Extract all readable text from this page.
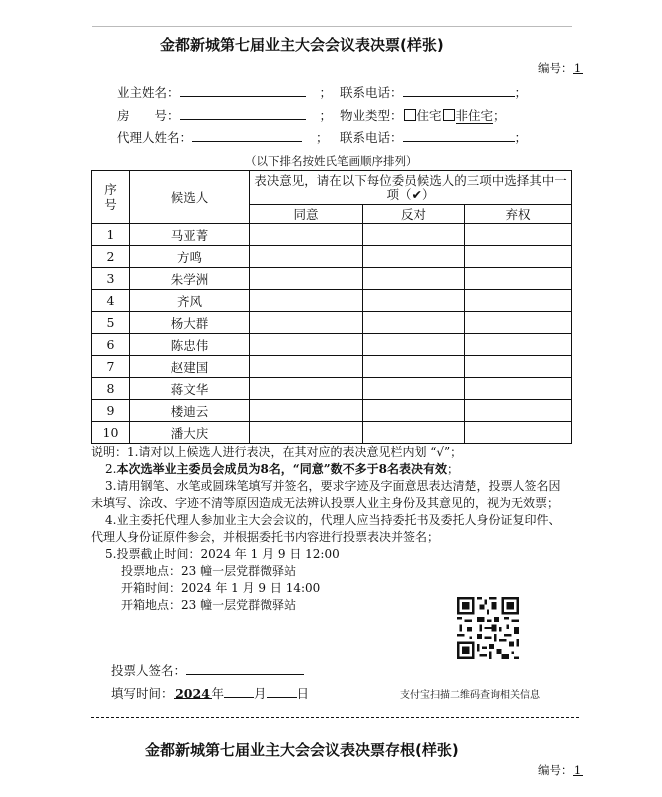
金都新城第七届业主大会会议表决票(样张)
编号：1
业主姓名：	； 联系电话：	；
房　　号：	； 物业类型： 住宅 非住宅；
代理人姓名：	； 联系电话：	；
（以下排名按姓氏笔画顺序排列）
序号	候选人	表决意见，请在以下每位委员候选人的三项中选择其中一项（✔）		

		同意	反对	弃权
1	马亚菁			
2	方鸣			
3	朱学洲			
4	齐风			
5	杨大群			
6	陈忠伟			
7	赵建国			
8	蒋文华			
9	楼迪云			
10	潘大庆			

说明：1.请对以上候选人进行表决，在其对应的表决意见栏内划 “√”；

2.本次选举业主委员会成员为8名，“同意”数不多于8名表决有效；

3.请用钢笔、水笔或圆珠笔填写并签名，要求字迹及字面意思表达清楚，投票人签名因未填写、涂改、字迹不清等原因造成无法辨认投票人业主身份及其意见的，视为无效票；

4.业主委托代理人参加业主大会会议的，代理人应当持委托书及委托人身份证复印件、代理人身份证原件参会，并根据委托书内容进行投票表决并签名；

5.投票截止时间：2024 年 1 月 9 日 12:00

投票地点：23 幢一层党群微驿站

开箱时间：2024 年 1 月 9 日 14:00

开箱地点：23 幢一层党群微驿站

投票人签名：
填写时间： 2024 年 月 日	支付宝扫描二维码查询相关信息
金都新城第七届业主大会会议表决票存根(样张)
编号：1
